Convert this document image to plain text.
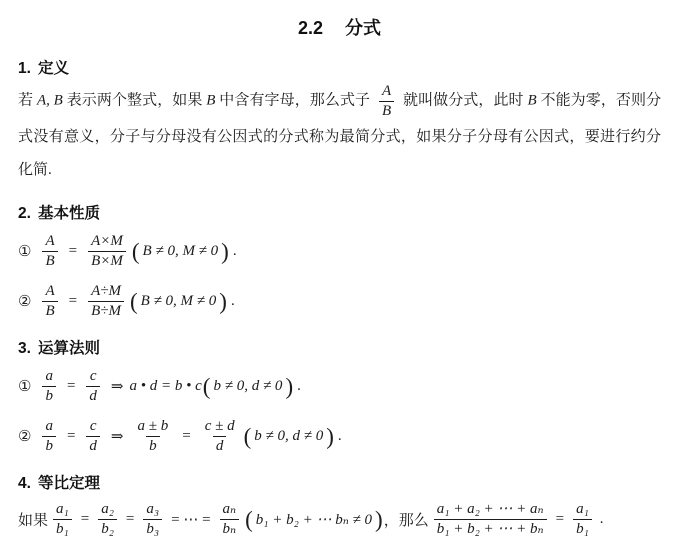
2.2 分式
1. 定义

若 A, B 表示两个整式，如果 B 中含有字母，那么式子 $\frac{A}{B}$ 就叫做分式，此时 B 不能为零，否则分式没有意义，分子与分母没有公因式的分式称为最简分式，如果分子分母有公因式，要进行约分化简.

2. 基本性质
① $\frac{A}{B} = \frac{A\times M}{B\times M}$ ( B ≠ 0, M ≠ 0 ) .
② $\frac{A}{B} = \frac{A\div M}{B\div M}$ ( B ≠ 0, M ≠ 0 ) .
3. 运算法则
① $\frac{a}{b} = \frac{c}{d}$ ⇒ a • d = b • c ( b ≠ 0, d ≠ 0 ) .
② $\frac{a}{b} = \frac{c}{d}$ ⇒ $\frac{a \pm b}{b} = \frac{c \pm d}{d}$ ( b ≠ 0, d ≠ 0 ) .
4. 等比定理
如果 $\frac{\text{a₁}}{\text{b₁}} = \frac{\text{a₂}}{\text{b₂}} = \frac{\text{a₃}}{\text{b₃}}$ = ⋯ = $\frac{\text{aₙ}}{\text{bₙ}}$ ( b₁ + b₂ + ⋯ bₙ ≠ 0 ) ，那么 $\frac{\text{a₁ + a₂ + ⋯ + aₙ}}{\text{b₁ + b₂ + ⋯ + bₙ}} = \frac{\text{a₁}}{\text{b₁}}$ .
